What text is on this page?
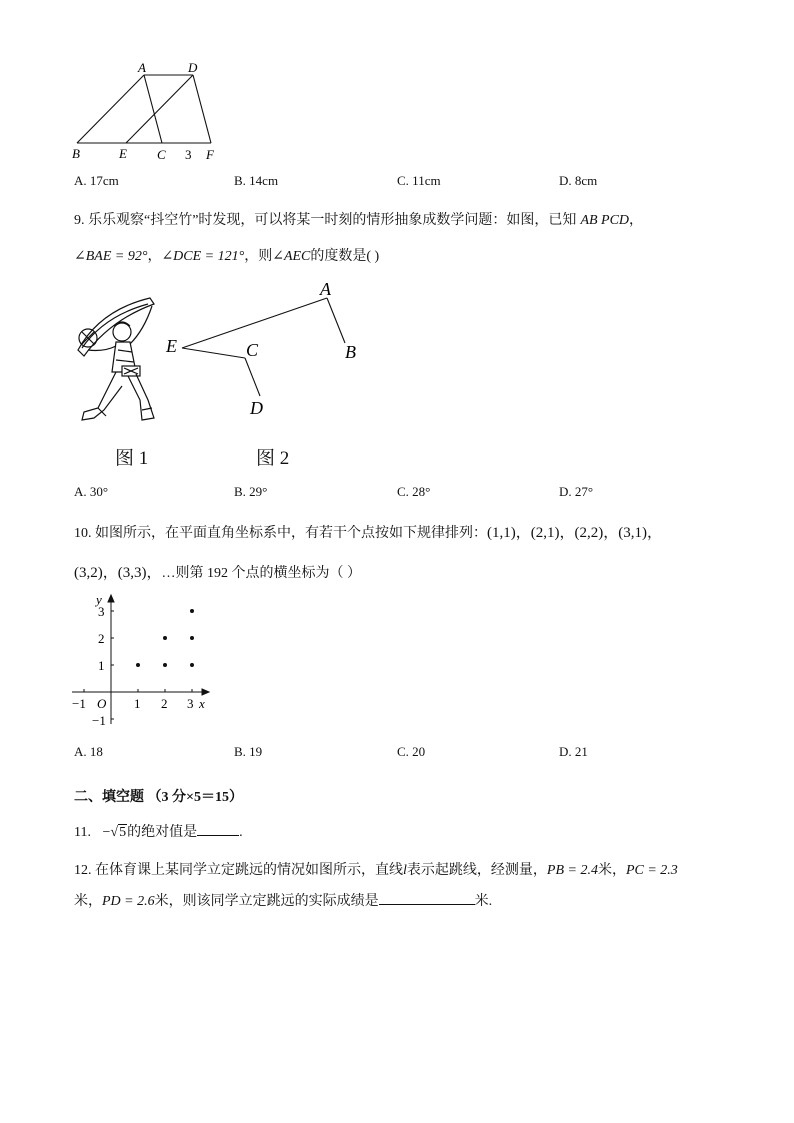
A	D
B	E C 3 F
A. 17cm	B. 14cm	C. 11cm	D. 8cm
9. 乐乐观察“抖空竹”时发现，可以将某一时刻的情形抽象成数学问题：如图，已知 AB PCD，
∠BAE = 92°，∠DCE = 121°，则∠AEC的度数是( )
A
B
E	C
D
图 1	图 2
A. 30°	B. 29°	C. 28°	D. 27°
10. 如图所示，在平面直角坐标系中，有若干个点按如下规律排列：(1,1)，(2,1)，(2,2)，(3,1)，
(3,2)，(3,3)，…则第 192 个点的横坐标为（ ）
y
x
O
−1	1 2 3
1
2
3
−1
A. 18	B. 19	C. 20	D. 21
二、填空题 （3 分×5＝15）
11. −√5的绝对值是	.
12. 在体育课上某同学立定跳远的情况如图所示，直线l表示起跳线，经测量，PB = 2.4米，PC = 2.3
米，PD = 2.6米，则该同学立定跳远的实际成绩是	米.
